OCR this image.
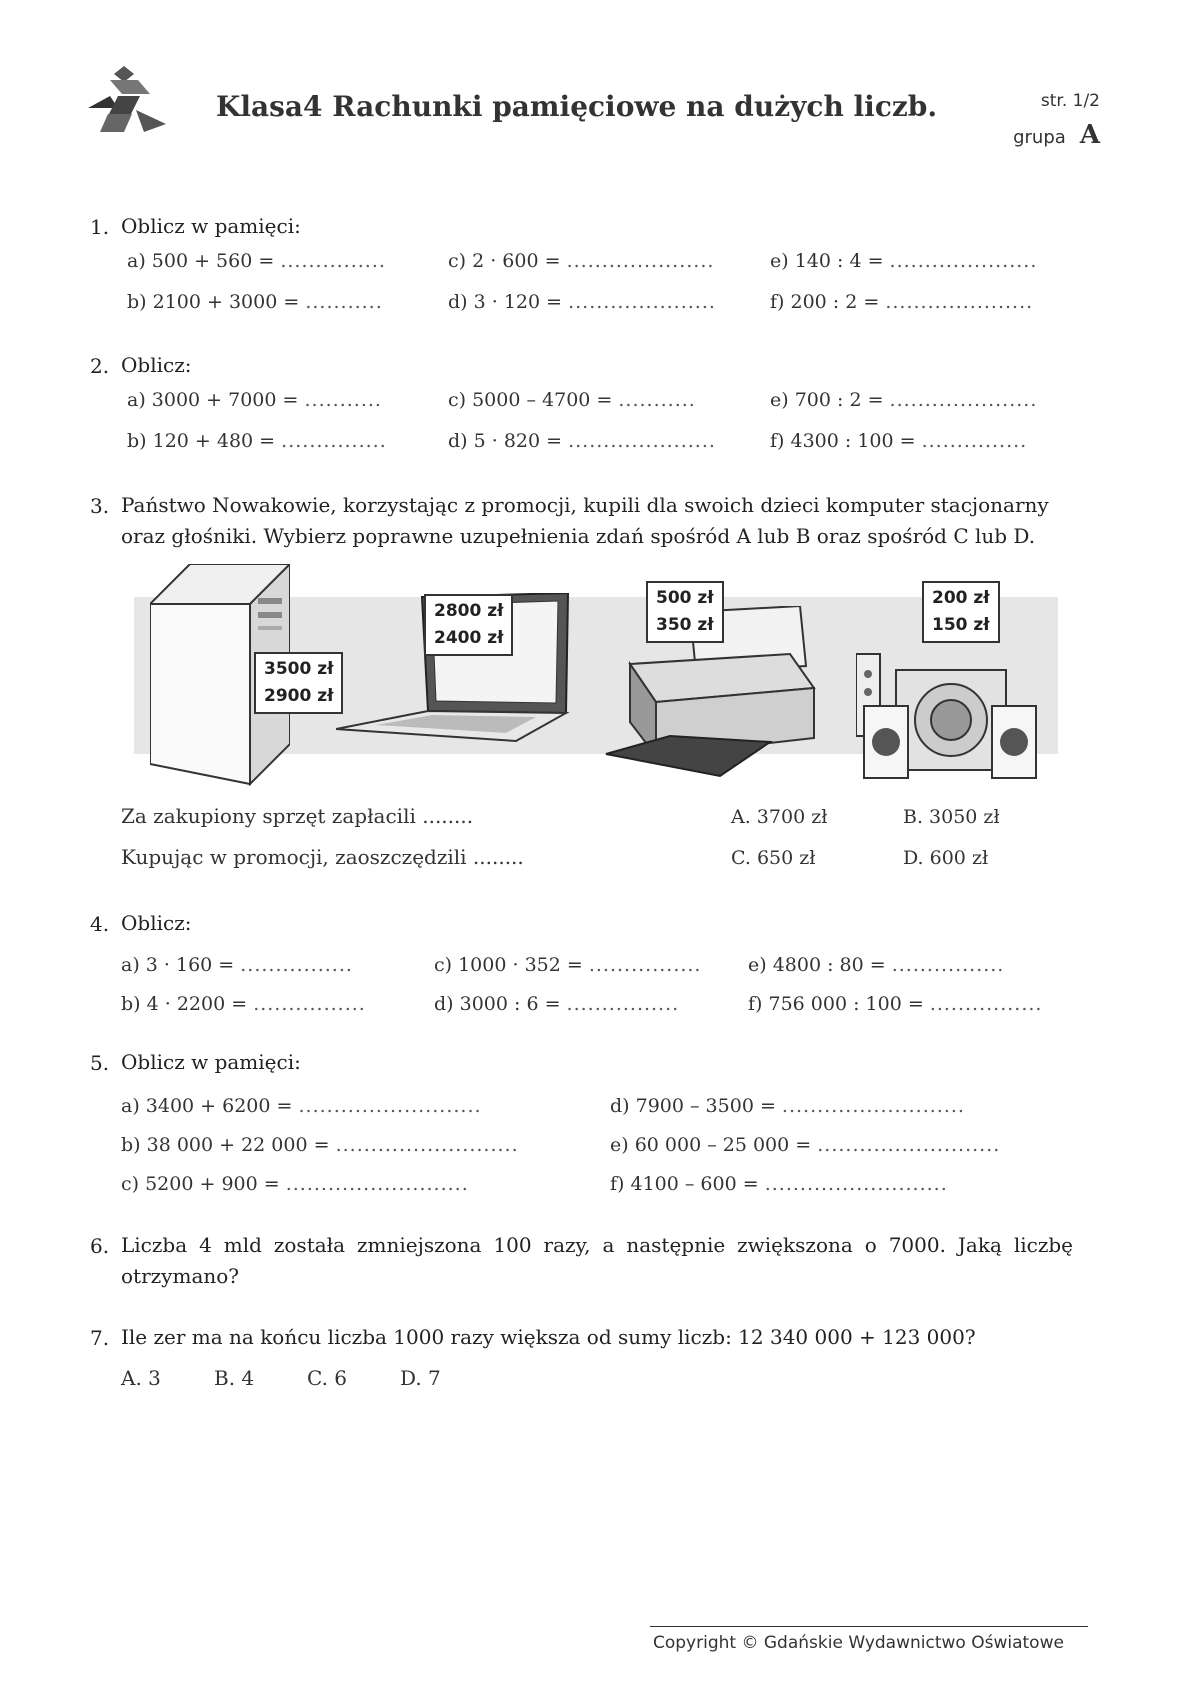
Klasa4 Rachunki pamięciowe na dużych liczb.	str. 1/2
grupa A
1. Oblicz w pamięci:
a) 500 + 560 = ...............
b) 2100 + 3000 = ...........
c) 2 · 600 = .....................
d) 3 · 120 = .....................
e) 140 : 4 = .....................
f) 200 : 2 = .....................
2. Oblicz:
a) 3000 + 7000 = ...........
b) 120 + 480 = ...............
c) 5000 – 4700 = ...........
d) 5 · 820 = .....................
e) 700 : 2 = .....................
f) 4300 : 100 = ...............
3. Państwo Nowakowie, korzystając z promocji, kupili dla swoich dzieci komputer stacjonarny
oraz głośniki. Wybierz poprawne uzupełnienia zdań spośród A lub B oraz spośród C lub D.
3500 zł
2900 zł
2800 zł
2400 zł
500 zł
350 zł
200 zł
150 zł
Za zakupiony sprzęt zapłacili ........
Kupując w promocji, zaoszczędzili ........
A. 3700 zł	B. 3050 zł
C. 650 zł	D. 600 zł
4. Oblicz:
a) 3 · 160 = ................
b) 4 · 2200 = ................
c) 1000 · 352 = ................
d) 3000 : 6 = ................
e) 4800 : 80 = ................
f) 756 000 : 100 = ................
5. Oblicz w pamięci:
a) 3400 + 6200 = ..........................
b) 38 000 + 22 000 = ..........................
c) 5200 + 900 = ..........................
d) 7900 – 3500 = ..........................
e) 60 000 – 25 000 = ..........................
f) 4100 – 600 = ..........................
6. Liczba 4 mld została zmniejszona 100 razy, a następnie zwiększona o 7000. Jaką liczbę
otrzymano?
7. Ile zer ma na końcu liczba 1000 razy większa od sumy liczb: 12 340 000 + 123 000?
A. 3	B. 4	C. 6	D. 7
Copyright © Gdańskie Wydawnictwo Oświatowe
